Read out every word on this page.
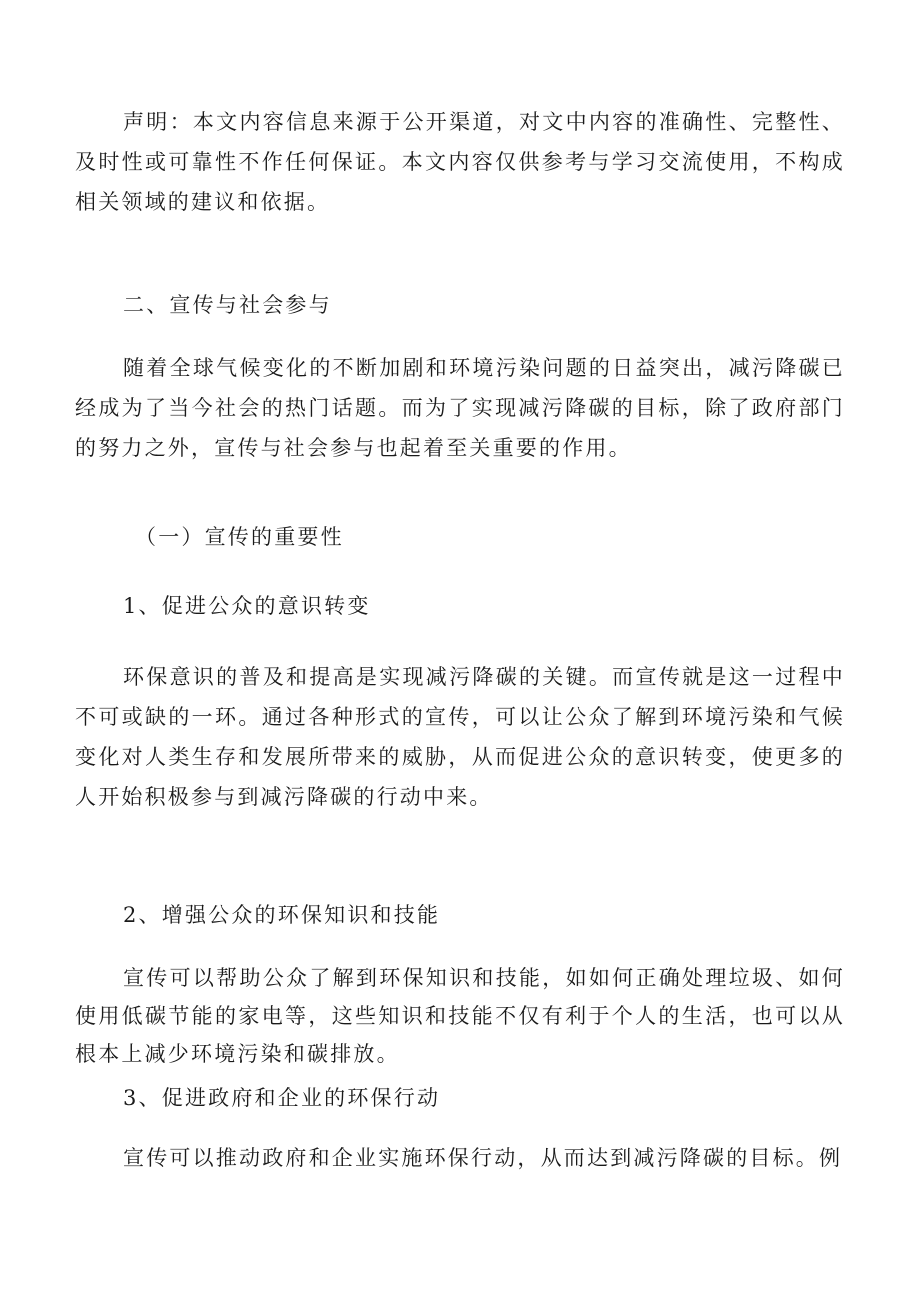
声明：本文内容信息来源于公开渠道，对文中内容的准确性、完整性、及时性或可靠性不作任何保证。本文内容仅供参考与学习交流使用，不构成相关领域的建议和依据。

二、宣传与社会参与

随着全球气候变化的不断加剧和环境污染问题的日益突出，减污降碳已经成为了当今社会的热门话题。而为了实现减污降碳的目标，除了政府部门的努力之外，宣传与社会参与也起着至关重要的作用。

（一）宣传的重要性

1、促进公众的意识转变

环保意识的普及和提高是实现减污降碳的关键。而宣传就是这一过程中不可或缺的一环。通过各种形式的宣传，可以让公众了解到环境污染和气候变化对人类生存和发展所带来的威胁，从而促进公众的意识转变，使更多的人开始积极参与到减污降碳的行动中来。

2、增强公众的环保知识和技能

宣传可以帮助公众了解到环保知识和技能，如如何正确处理垃圾、如何使用低碳节能的家电等，这些知识和技能不仅有利于个人的生活，也可以从根本上减少环境污染和碳排放。

3、促进政府和企业的环保行动

宣传可以推动政府和企业实施环保行动，从而达到减污降碳的目标。例
